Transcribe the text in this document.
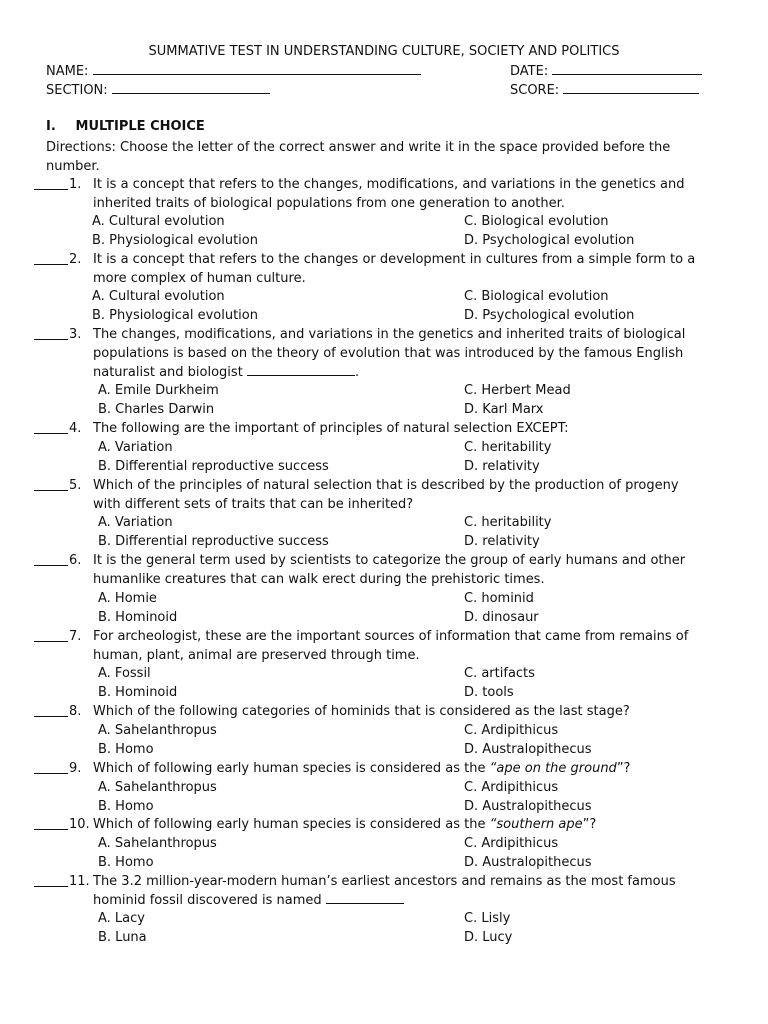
SUMMATIVE TEST IN UNDERSTANDING CULTURE, SOCIETY AND POLITICS
NAME:	DATE:
SECTION:	SCORE:
I. MULTIPLE CHOICE
Directions: Choose the letter of the correct answer and write it in the space provided before the number.
1. It is a concept that refers to the changes, modifications, and variations in the genetics and inherited traits of biological populations from one generation to another.
A. Cultural evolution	C. Biological evolution
B. Physiological evolution	D. Psychological evolution
2. It is a concept that refers to the changes or development in cultures from a simple form to a more complex of human culture.
A. Cultural evolution	C. Biological evolution
B. Physiological evolution	D. Psychological evolution
3. The changes, modifications, and variations in the genetics and inherited traits of biological populations is based on the theory of evolution that was introduced by the famous English naturalist and biologist	.
A. Emile Durkheim	C. Herbert Mead
B. Charles Darwin	D. Karl Marx
4. The following are the important of principles of natural selection EXCEPT:
A. Variation	C. heritability
B. Differential reproductive success	D. relativity
5. Which of the principles of natural selection that is described by the production of progeny with different sets of traits that can be inherited?
A. Variation	C. heritability
B. Differential reproductive success	D. relativity
6. It is the general term used by scientists to categorize the group of early humans and other humanlike creatures that can walk erect during the prehistoric times.
A. Homie	C. hominid
B. Hominoid	D. dinosaur
7. For archeologist, these are the important sources of information that came from remains of human, plant, animal are preserved through time.
A. Fossil	C. artifacts
B. Hominoid	D. tools
8. Which of the following categories of hominids that is considered as the last stage?
A. Sahelanthropus	C. Ardipithicus
B. Homo	D. Australopithecus
9. Which of following early human species is considered as the “ape on the ground”?
A. Sahelanthropus	C. Ardipithicus
B. Homo	D. Australopithecus
10. Which of following early human species is considered as the “southern ape”?
A. Sahelanthropus	C. Ardipithicus
B. Homo	D. Australopithecus
11. The 3.2 million-year-modern human’s earliest ancestors and remains as the most famous hominid fossil discovered is named
A. Lacy	C. Lisly
B. Luna	D. Lucy
